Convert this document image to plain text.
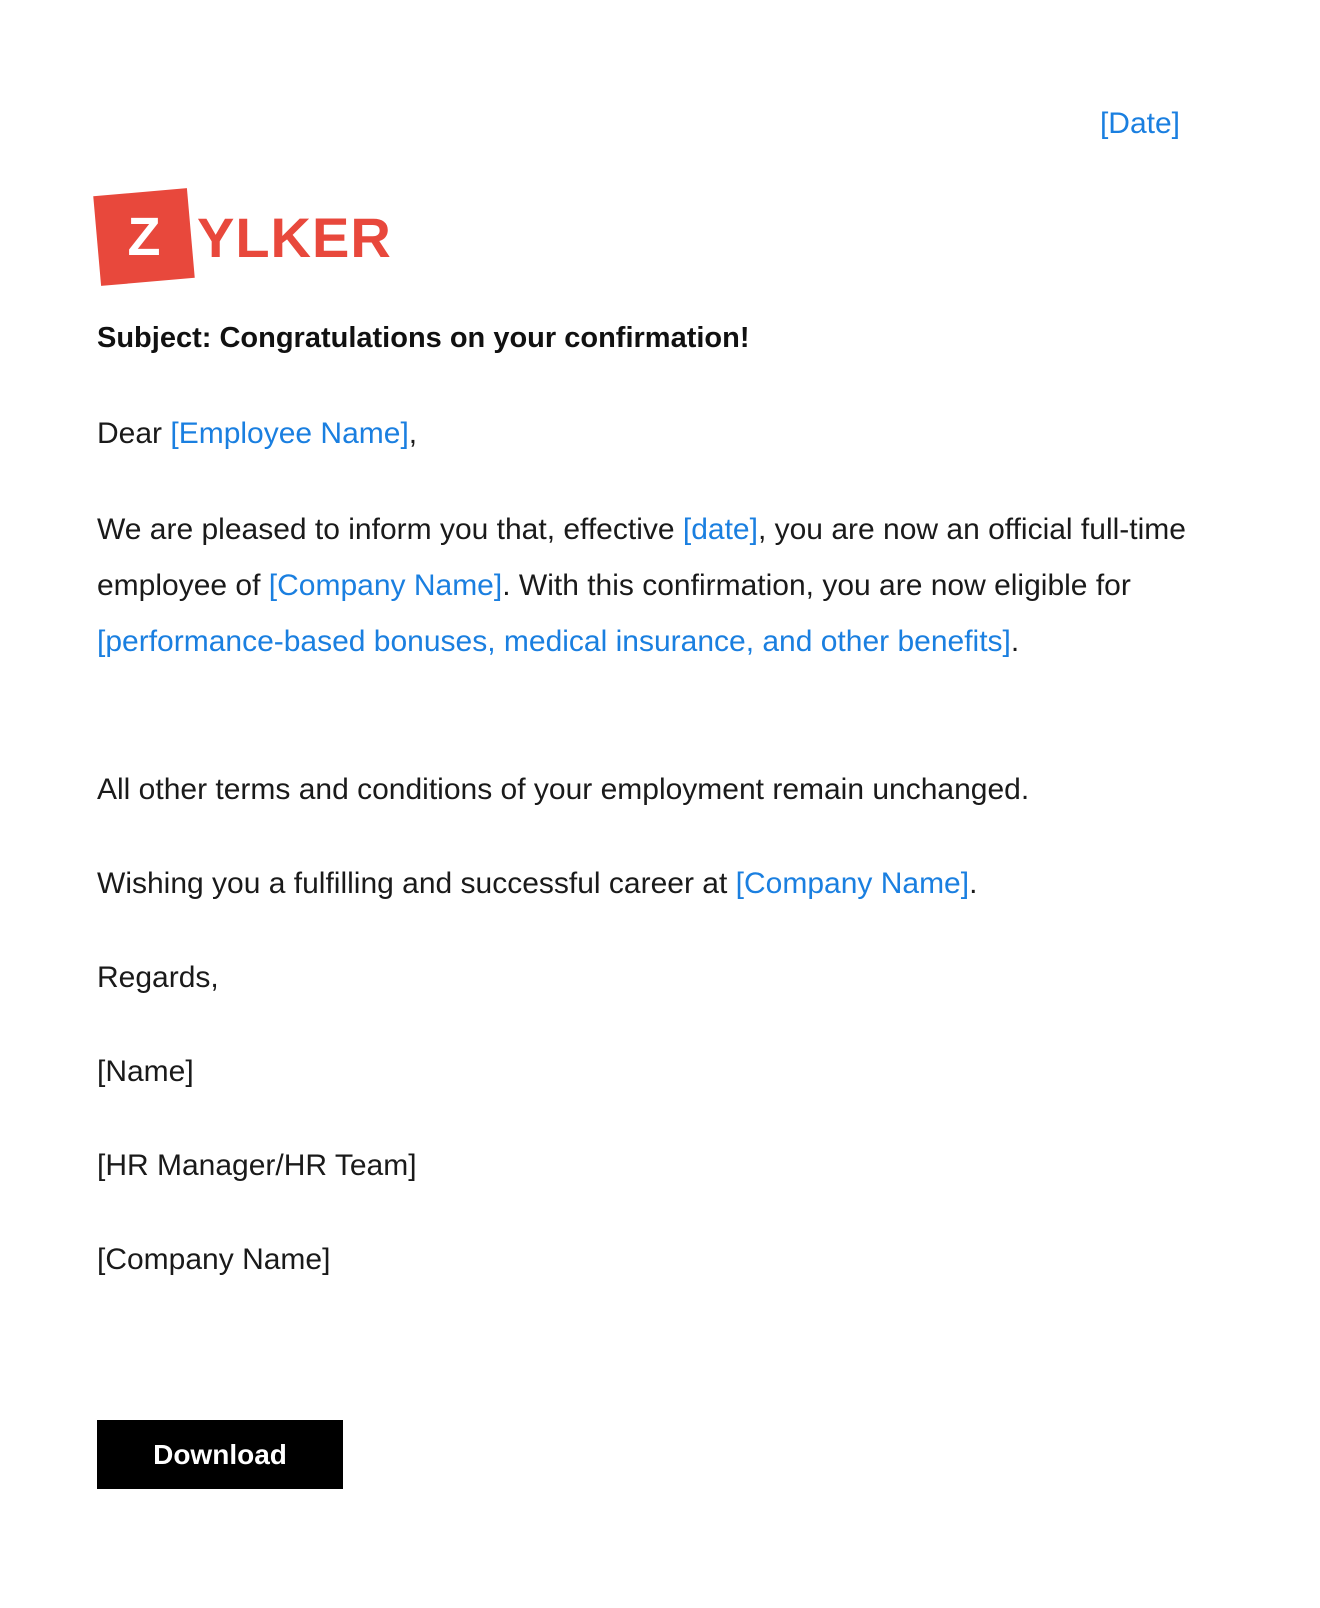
[Date]
Z YLKER
Subject: Congratulations on your confirmation!
Dear [Employee Name],
We are pleased to inform you that, effective [date], you are now an official full-time employee of [Company Name]. With this confirmation, you are now eligible for [performance-based bonuses, medical insurance, and other benefits].
All other terms and conditions of your employment remain unchanged.
Wishing you a fulfilling and successful career at [Company Name].
Regards,
[Name]
[HR Manager/HR Team]
[Company Name]
Download
